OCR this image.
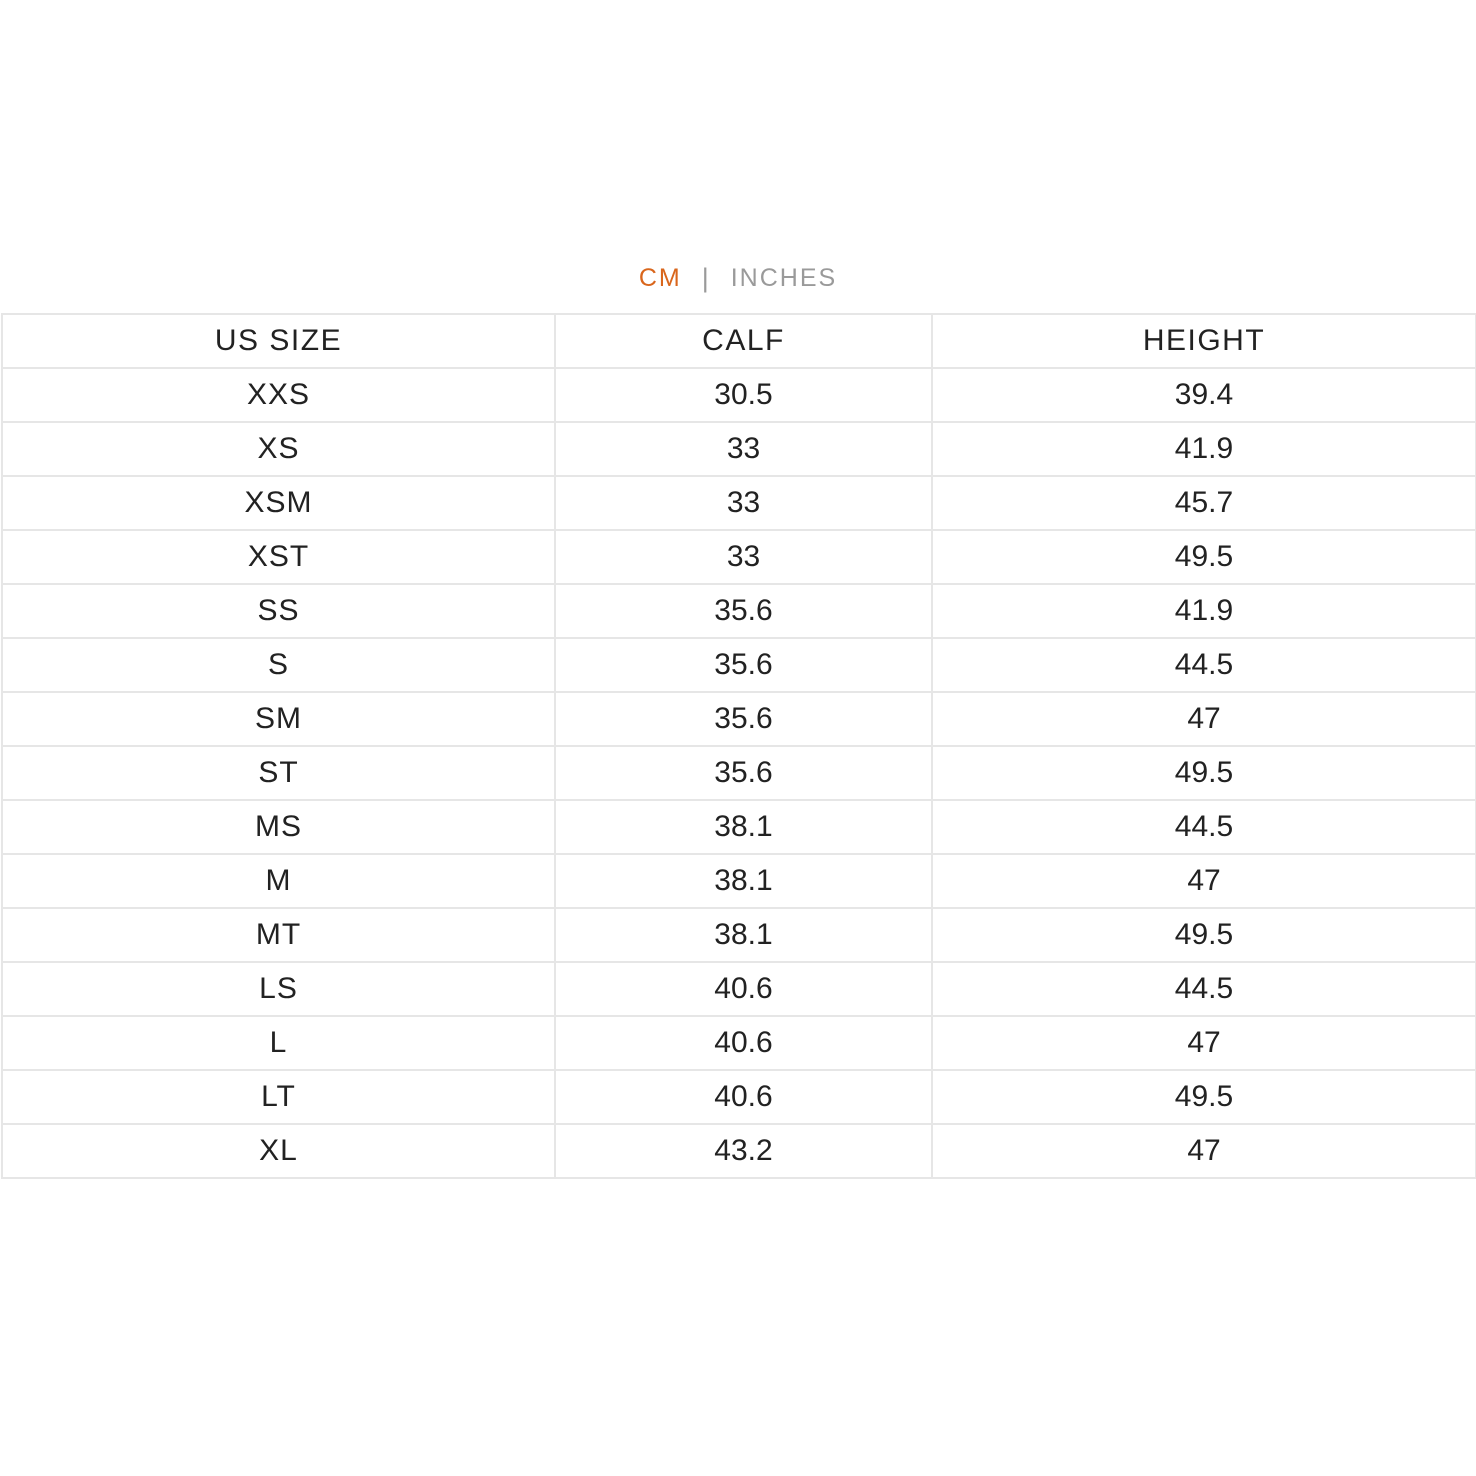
CM | INCHES
US SIZE	CALF	HEIGHT
XXS	30.5	39.4
XS	33	41.9
XSM	33	45.7
XST	33	49.5
SS	35.6	41.9
S	35.6	44.5
SM	35.6	47
ST	35.6	49.5
MS	38.1	44.5
M	38.1	47
MT	38.1	49.5
LS	40.6	44.5
L	40.6	47
LT	40.6	49.5
XL	43.2	47
